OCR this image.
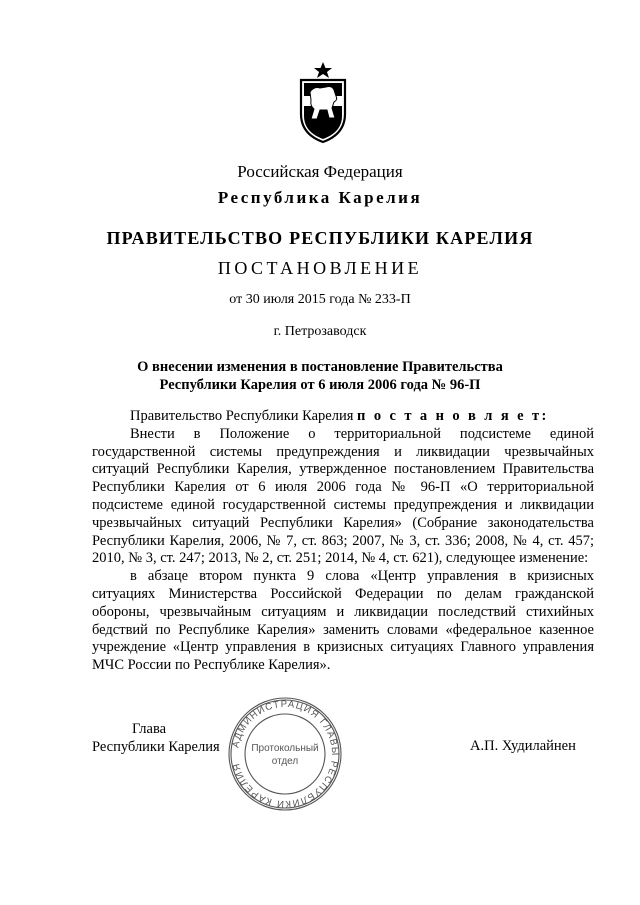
Российская Федерация
Республика Карелия
ПРАВИТЕЛЬСТВО РЕСПУБЛИКИ КАРЕЛИЯ
ПОСТАНОВЛЕНИЕ
от 30 июля 2015 года № 233-П
г. Петрозаводск
О внесении изменения в постановление Правительства
Республики Карелия от 6 июля 2006 года № 96-П

Правительство Республики Карелия п о с т а н о в л я е т:

Внести в Положение о территориальной подсистеме единой государственной системы предупреждения и ликвидации чрезвычайных ситуаций Республики Карелия, утвержденное постановлением Правительства Республики Карелия от 6 июля 2006 года № 96-П «О территориальной подсистеме единой государственной системы предупреждения и ликвидации чрезвычайных ситуаций Республики Карелия» (Собрание законодательства Республики Карелия, 2006, № 7, ст. 863; 2007, № 3, ст. 336; 2008, № 4, ст. 457; 2010, № 3, ст. 247; 2013, № 2, ст. 251; 2014, № 4, ст. 621), следующее изменение:

в абзаце втором пункта 9 слова «Центр управления в кризисных ситуациях Министерства Российской Федерации по делам гражданской обороны, чрезвычайным ситуациям и ликвидации последствий стихийных бедствий по Республике Карелия» заменить словами «федеральное казенное учреждение «Центр управления в кризисных ситуациях Главного управления МЧС России по Республике Карелия».

Глава
Республики Карелия АДМИНИСТРАЦИЯ ГЛАВЫ РЕСПУБЛИКИ КАРЕЛИЯ
Протокольный
отдел
А.П. Худилайнен
